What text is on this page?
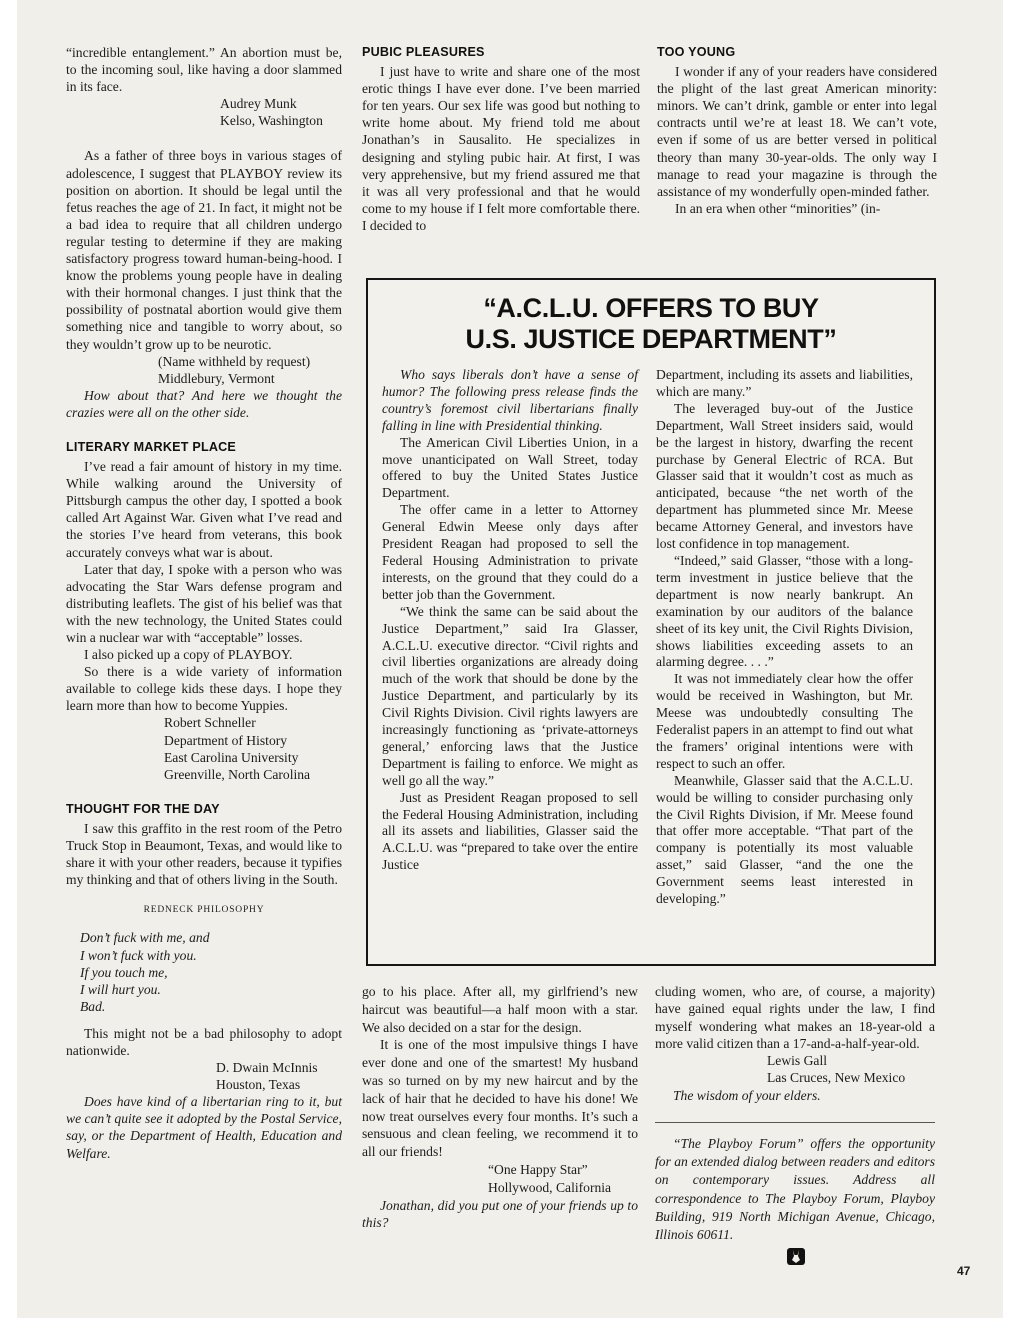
“incredible entanglement.” An abortion must be, to the incoming soul, like having a door slammed in its face.

Audrey Munk
Kelso, Washington

As a father of three boys in various stages of adolescence, I suggest that PLAYBOY review its position on abortion. It should be legal until the fetus reaches the age of 21. In fact, it might not be a bad idea to require that all children undergo regular testing to determine if they are making satisfactory progress toward human-being-hood. I know the problems young people have in dealing with their hormonal changes. I just think that the possibility of postnatal abortion would give them something nice and tangible to worry about, so they wouldn’t grow up to be neurotic.

(Name withheld by request)
Middlebury, Vermont

How about that? And here we thought the crazies were all on the other side.

LITERARY MARKET PLACE

I’ve read a fair amount of history in my time. While walking around the University of Pittsburgh campus the other day, I spotted a book called Art Against War. Given what I’ve read and the stories I’ve heard from veterans, this book accurately conveys what war is about.

Later that day, I spoke with a person who was advocating the Star Wars defense program and distributing leaflets. The gist of his belief was that with the new technology, the United States could win a nuclear war with “acceptable” losses.

I also picked up a copy of PLAYBOY.

So there is a wide variety of information available to college kids these days. I hope they learn more than how to become Yuppies.

Robert Schneller
Department of History
East Carolina University
Greenville, North Carolina

THOUGHT FOR THE DAY

I saw this graffito in the rest room of the Petro Truck Stop in Beaumont, Texas, and would like to share it with your other readers, because it typifies my thinking and that of others living in the South.

REDNECK PHILOSOPHY

Don’t fuck with me, and
I won’t fuck with you.
If you touch me,
I will hurt you.
Bad.

This might not be a bad philosophy to adopt nationwide.

D. Dwain McInnis
Houston, Texas

Does have kind of a libertarian ring to it, but we can’t quite see it adopted by the Postal Service, say, or the Department of Health, Education and Welfare.

PUBIC PLEASURES

I just have to write and share one of the most erotic things I have ever done. I’ve been married for ten years. Our sex life was good but nothing to write home about. My friend told me about Jonathan’s in Sausalito. He specializes in designing and styling pubic hair. At first, I was very apprehensive, but my friend assured me that it was all very professional and that he would come to my house if I felt more comfortable there. I decided to

TOO YOUNG

I wonder if any of your readers have considered the plight of the last great American minority: minors. We can’t drink, gamble or enter into legal contracts until we’re at least 18. We can’t vote, even if some of us are better versed in political theory than many 30-year-olds. The only way I manage to read your magazine is through the assistance of my wonderfully open-minded father.

In an era when other “minorities” (in-

“A.C.L.U. OFFERS TO BUY
U.S. JUSTICE DEPARTMENT”

Who says liberals don’t have a sense of humor? The following press release finds the country’s foremost civil libertarians finally falling in line with Presidential thinking.

The American Civil Liberties Union, in a move unanticipated on Wall Street, today offered to buy the United States Justice Department.

The offer came in a letter to Attorney General Edwin Meese only days after President Reagan had proposed to sell the Federal Housing Administration to private interests, on the ground that they could do a better job than the Government.

“We think the same can be said about the Justice Department,” said Ira Glasser, A.C.L.U. executive director. “Civil rights and civil liberties organizations are already doing much of the work that should be done by the Justice Department, and particularly by its Civil Rights Division. Civil rights lawyers are increasingly functioning as ‘private-attorneys general,’ enforcing laws that the Justice Department is failing to enforce. We might as well go all the way.”

Just as President Reagan proposed to sell the Federal Housing Administration, including all its assets and liabilities, Glasser said the A.C.L.U. was “prepared to take over the entire Justice

Department, including its assets and liabilities, which are many.”

The leveraged buy-out of the Justice Department, Wall Street insiders said, would be the largest in history, dwarfing the recent purchase by General Electric of RCA. But Glasser said that it wouldn’t cost as much as anticipated, because “the net worth of the department has plummeted since Mr. Meese became Attorney General, and investors have lost confidence in top management.

“Indeed,” said Glasser, “those with a long-term investment in justice believe that the department is now nearly bankrupt. An examination by our auditors of the balance sheet of its key unit, the Civil Rights Division, shows liabilities exceeding assets to an alarming degree. . . .”

It was not immediately clear how the offer would be received in Washington, but Mr. Meese was undoubtedly consulting The Federalist papers in an attempt to find out what the framers’ original intentions were with respect to such an offer.

Meanwhile, Glasser said that the A.C.L.U. would be willing to consider purchasing only the Civil Rights Division, if Mr. Meese found that offer more acceptable. “That part of the company is potentially its most valuable asset,” said Glasser, “and the one the Government seems least interested in developing.”

go to his place. After all, my girlfriend’s new haircut was beautiful—a half moon with a star. We also decided on a star for the design.

It is one of the most impulsive things I have ever done and one of the smartest! My husband was so turned on by my new haircut and by the lack of hair that he decided to have his done! We now treat ourselves every four months. It’s such a sensuous and clean feeling, we recommend it to all our friends!

“One Happy Star”
Hollywood, California

Jonathan, did you put one of your friends up to this?

cluding women, who are, of course, a majority) have gained equal rights under the law, I find myself wondering what makes an 18-year-old a more valid citizen than a 17-and-a-half-year-old.

Lewis Gall
Las Cruces, New Mexico

The wisdom of your elders.

“The Playboy Forum” offers the opportunity for an extended dialog between readers and editors on contemporary issues. Address all correspondence to The Playboy Forum, Playboy Building, 919 North Michigan Avenue, Chicago, Illinois 60611.

47
